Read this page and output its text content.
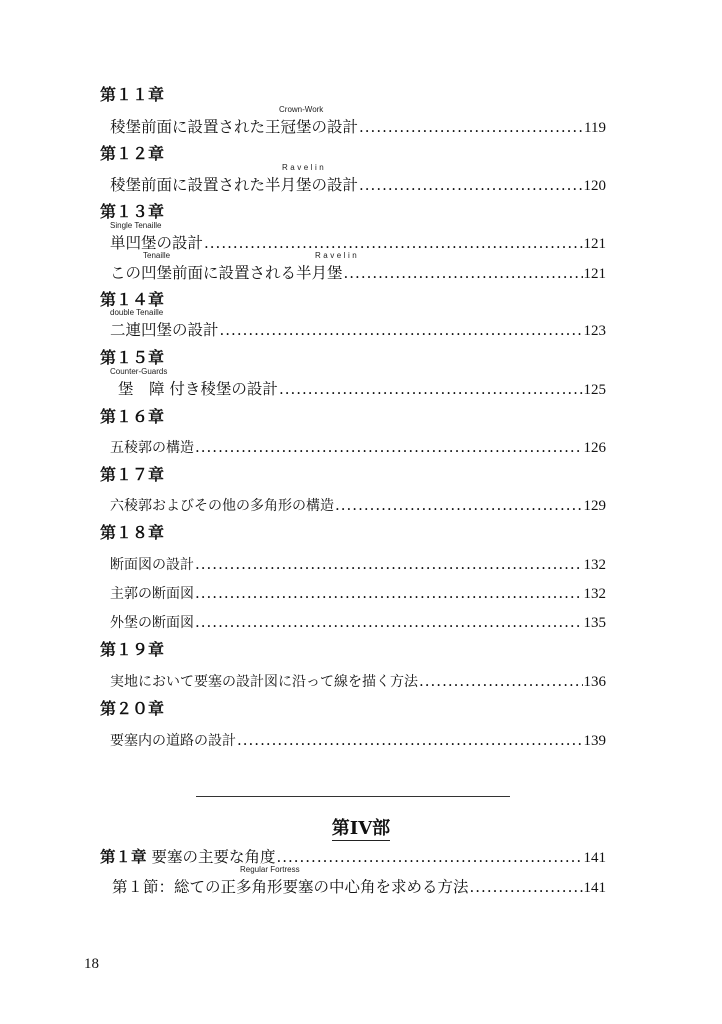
第１１章
Crown-Work
稜堡前面に設置された王冠堡の設計 .....	119
第１２章
Ravelin
稜堡前面に設置された半月堡の設計 .....	120
第１３章
Single Tenaille
単凹堡の設計 .....	121
Tenaille	Ravelin
この凹堡前面に設置される半月堡 .....	121
第１４章
double Tenaille
二連凹堡の設計 .....	123
第１５章
Counter-Guards
堡　障 付き稜堡の設計 .....	125
第１６章
五稜郭の構造 .....	126
第１７章
六稜郭およびその他の多角形の構造 .....	129
第１８章
断面図の設計 .....	132
主郭の断面図 .....	132
外堡の断面図 .....	135
第１９章
実地において要塞の設計図に沿って線を描く方法 .....	136
第２０章
要塞内の道路の設計 .....	139
第IV部
第１章 要塞の主要な角度 .....	141
Regular Fortress
第１節：総ての正多角形要塞の中心角を求める方法 .....	141
18
